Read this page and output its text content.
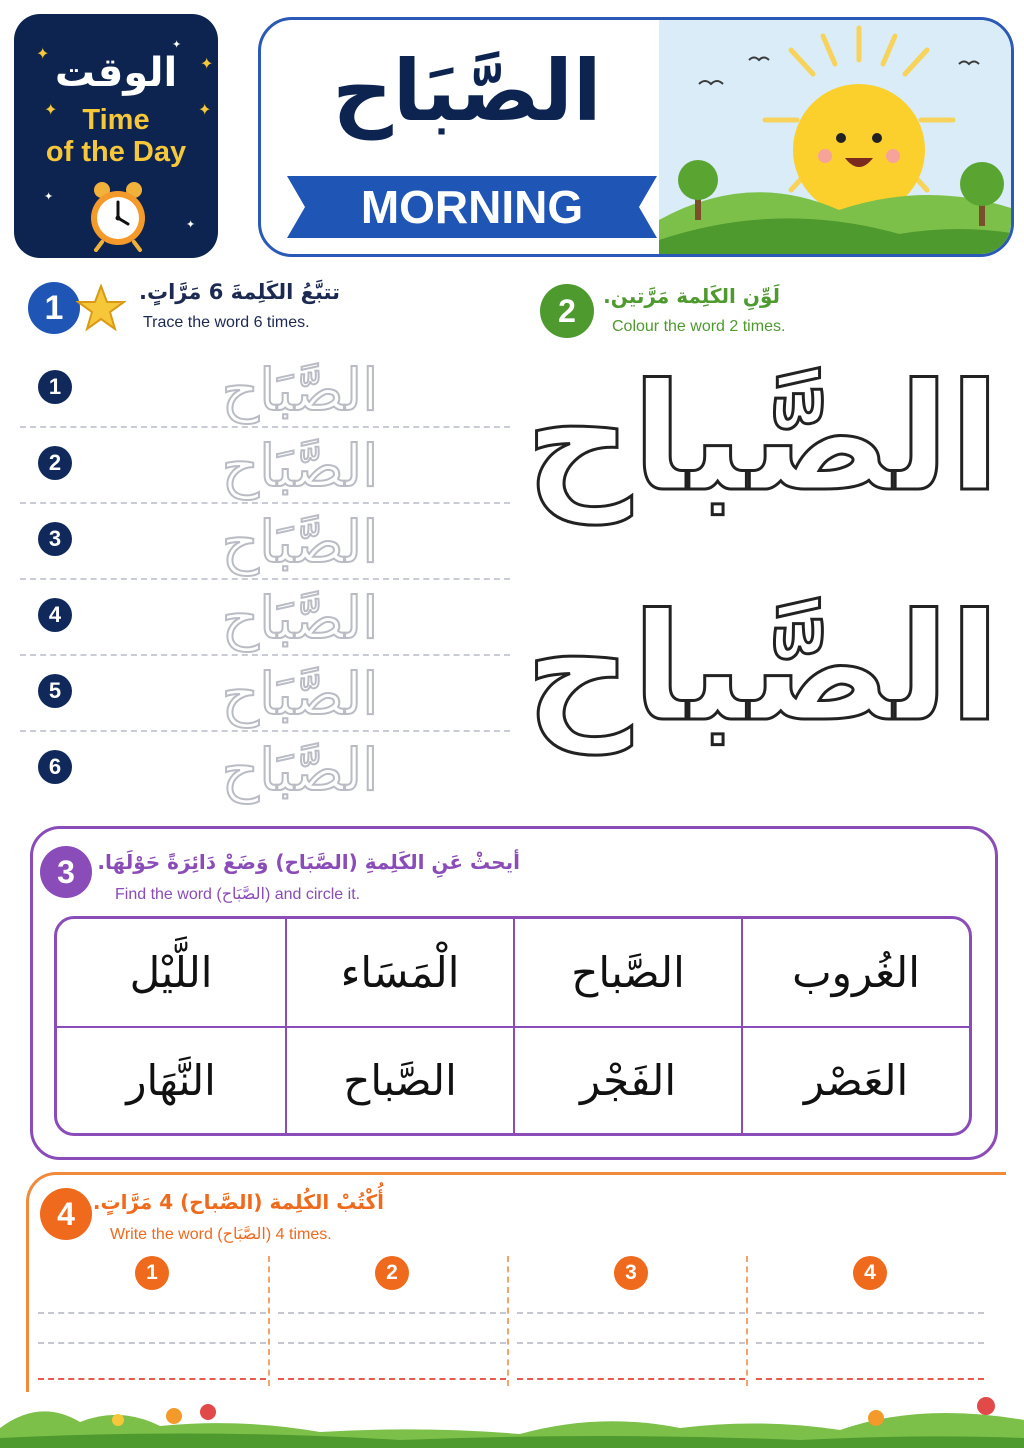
✦
✦
✦	✦
✦
✦
✦
الوقت
Time
of the Day
الصَّبَاح
MORNING
1	تتبَّعُ الكَلِمةَ 6 مَرَّاتٍ.
Trace the word 6 times.
1	الصَّبَاح
2	الصَّبَاح
3	الصَّبَاح
4	الصَّبَاح
5	الصَّبَاح
6	الصَّبَاح
2	لَوِّنِ الكَلِمة مَرَّتين.
Colour the word 2 times.
الصَّباح
الصَّباح
3	أيحثْ عَنِ الكَلِمةِ (الصَّبَاح) وَضَعْ دَائِرَةً حَوْلَهَا.
Find the word (الصَّبَاح) and circle it.
اللَّيْل	الْمَسَاء	الصَّباح	الغُروب
النَّهَار	الصَّباح	الفَجْر	العَصْر
4 أُكْتُبْ الكُلِمة (الصَّباح) 4 مَرَّاتٍ.
Write the word (الصَّبَاح) 4 times.
1	2	3	4
